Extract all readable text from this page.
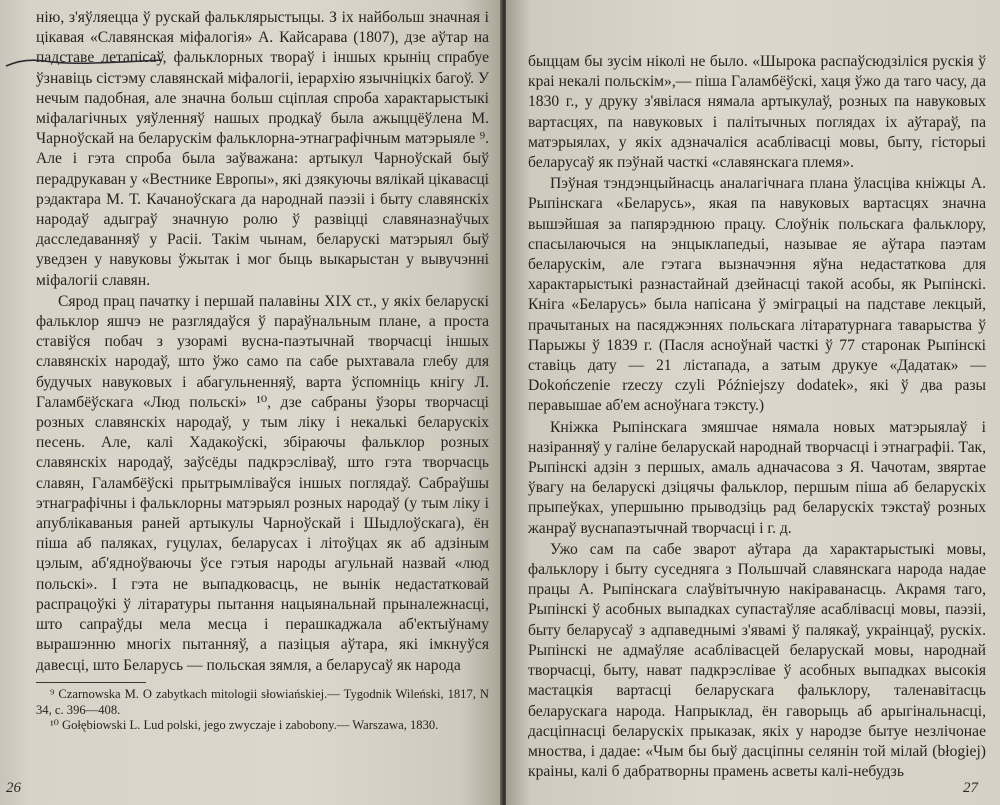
нію, з'яўляецца ў рускай фальклярыстыцы. З іх найбольш значная і цікавая «Славянская міфалогія» А. Кайсарава (1807), дзе аўтар на падставе летапісаў, фальклорных твораў і іншых крыніц спрабуе ўзнавіць сістэму славянскай міфалогіі, іерархію язычніцкіх багоў. У нечым падобная, але значна больш сціплая спроба характарыстыкі міфалагічных уяўленняў нашых продкаў была ажыццёўлена М. Чарноўскай на беларускім фальклорна-этнаграфічным матэрыяле ⁹. Але і гэта спроба была заўважана: артыкул Чарноўскай быў перадрукаван у «Вестнике Европы», які дзякуючы вялікай цікавасці рэдактара М. Т. Качаноўскага да народнай паэзіі і быту славянскіх народаў адыграў значную ролю ў развіцці славяназнаўчых дасследаванняў у Расіі. Такім чынам, беларускі матэрыял быў уведзен у навуковы ўжытак і мог быць выкарыстан у вывучэнні міфалогіі славян.

Сярод прац пачатку і першай палавіны XIX ст., у якіх беларускі фальклор яшчэ не разглядаўся ў параўнальным плане, а проста ставіўся побач з узорамі вусна-паэтычнай творчасці іншых славянскіх народаў, што ўжо само па сабе рыхтавала глебу для будучых навуковых і абагульненняў, варта ўспомніць кнігу Л. Галамбёўскага «Люд польскі» ¹⁰, дзе сабраны ўзоры творчасці розных славянскіх народаў, у тым ліку і некалькі беларускіх песень. Але, калі Хадакоўскі, збіраючы фальклор розных славянскіх народаў, заўсёды падкрэсліваў, што гэта творчасць славян, Галамбёўскі прытрымліваўся іншых поглядаў. Сабраўшы этнаграфічны і фальклорны матэрыял розных народаў (у тым ліку і апублікаваныя раней артыкулы Чарноўскай і Шыдлоўскага), ён піша аб паляках, гуцулах, беларусах і літоўцах як аб адзіным цэлым, аб'ядноўваючы ўсе гэтыя народы агульнай назвай «люд польскі». І гэта не выпадковасць, не вынік недастатковай распрацоўкі ў літаратуры пытання нацыянальнай прыналежнасці, што сапраўды мела месца і перашкаджала аб'ектыўнаму вырашэнню многіх пытанняў, а пазіцыя аўтара, які імкнуўся давесці, што Беларусь — польская зямля, а беларусаў як народа

⁹ Czarnowska M. O zabytkach mitologii słowiańskiej.— Tygodnik Wileński, 1817, N 34, c. 396—408.

¹⁰ Gołębiowski L. Lud polski, jego zwyczaje i zabobony.— Warszawa, 1830.

26

быццам бы зусім ніколі не было. «Шырока распаўсюдзіліся рускія ў краі некалі польскім»,— піша Галамбёўскі, хаця ўжо да таго часу, да 1830 г., у друку з'явілася нямала артыкулаў, розных па навуковых вартасцях, па навуковых і палітычных поглядах іх аўтараў, па матэрыялах, у якіх адзначаліся асаблівасці мовы, быту, гісторыі беларусаў як пэўнай часткі «славянскага племя».

Пэўная тэндэнцыйнасць аналагічнага плана ўласціва кніжцы А. Рыпінскага «Беларусь», якая па навуковых вартасцях значна вышэйшая за папярэднюю працу. Слоўнік польскага фальклору, спасылаючыся на энцыклапедыі, называе яе аўтара паэтам беларускім, але гэтага вызначэння яўна недастаткова для характарыстыкі разнастайнай дзейнасці такой асобы, як Рыпінскі. Кніга «Беларусь» была напісана ў эміграцыі на падставе лекцый, прачытаных на пасяджэннях польскага літаратурнага таварыства ў Парыжы ў 1839 г. (Пасля асноўнай часткі ў 77 старонак Рыпінскі ставіць дату — 21 лістапада, а затым друкуе «Дадатак» — Dokończenie rzeczy czyli Późniejszy dodatek», які ў два разы перавышае аб'ем асноўнага тэксту.)

Кніжка Рыпінскага змяшчае нямала новых матэрыялаў і назіранняў у галіне беларускай народнай творчасці і этнаграфіі. Так, Рыпінскі адзін з першых, амаль адначасова з Я. Чачотам, звяртае ўвагу на беларускі дзіцячы фальклор, першым піша аб беларускіх прыпеўках, упершыню прыводзіць рад беларускіх тэкстаў розных жанраў вуснапаэтычнай творчасці і г. д.

Ужо сам па сабе зварот аўтара да характарыстыкі мовы, фальклору і быту суседняга з Польшчай славянскага народа надае працы А. Рыпінскага слаўвітычную накіраванасць. Акрамя таго, Рыпінскі ў асобных выпадках супастаўляе асаблівасці мовы, паэзіі, быту беларусаў з адпаведнымі з'явамі ў палякаў, украінцаў, рускіх. Рыпінскі не адмаўляе асаблівасцей беларускай мовы, народнай творчасці, быту, нават падкрэслівае ў асобных выпадках высокія мастацкія вартасці беларускага фальклору, таленавітасць беларускага народа. Напрыклад, ён гаворыць аб арыгінальнасці, дасціпнасці беларускіх прыказак, якіх у народзе бытуе незлічонае мноства, і дадае: «Чым бы быў дасціпны селянін той мілай (błogiej) краіны, калі б дабратворны прамень асветы калі-небудзь

27
